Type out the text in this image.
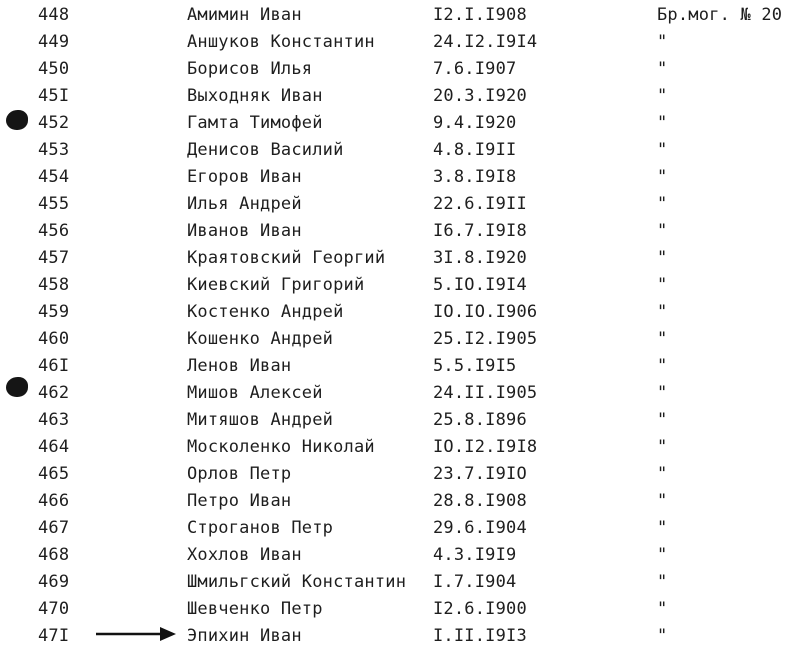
448	Амимин Иван	I2.I.I908	Бр.мог. № 20
449	Аншуков Константин	24.I2.I9I4	"
450	Борисов Илья	7.6.I907	"
45I	Выходняк Иван	20.3.I920	"
452	Гамта Тимофей	9.4.I920	"
453	Денисов Василий	4.8.I9II	"
454	Егоров Иван	3.8.I9I8	"
455	Илья Андрей	22.6.I9II	"
456	Иванов Иван	I6.7.I9I8	"
457	Краятовский Георгий	3I.8.I920	"
458	Киевский Григорий	5.IO.I9I4	"
459	Костенко Андрей	IO.IO.I906	"
460	Кошенко Андрей	25.I2.I905	"
46I	Ленов Иван	5.5.I9I5	"
462	Мишов Алексей	24.II.I905	"
463	Митяшов Андрей	25.8.I896	"
464	Москоленко Николай	IO.I2.I9I8	"
465	Орлов Петр	23.7.I9IO	"
466	Петро Иван	28.8.I908	"
467	Строганов Петр	29.6.I904	"
468	Хохлов Иван	4.3.I9I9	"
469	Шмильгский Константин I.7.I904	"
470	Шевченко Петр	I2.6.I900	"
47I	Эпихин Иван	I.II.I9I3	"
